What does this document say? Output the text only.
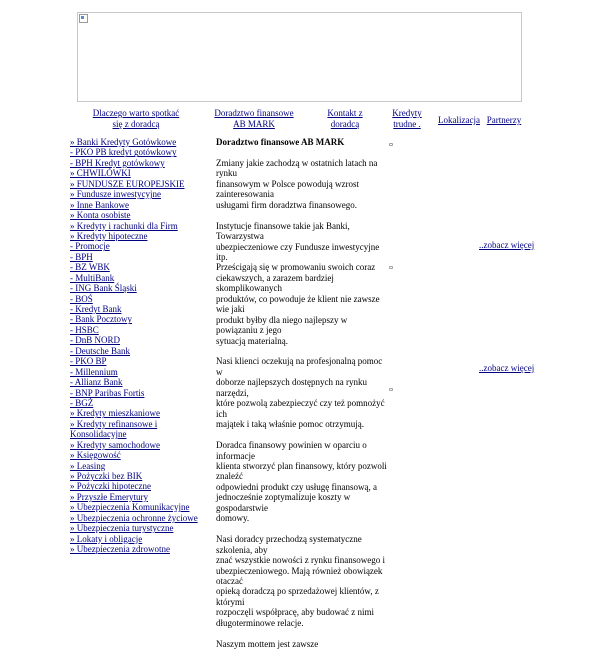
Dlaczego warto spotkać się z doradcą
Doradztwo finansowe AB MARK
Kontakt z doradcą
Kredyty trudne .	Lokalizacja Partnerzy
» Banki Kredyty Gotówkowe
- PKO PB kredyt gotówkowy
- BPH Kredyt gotówkowy
» CHWILÓWKI
» FUNDUSZE EUROPEJSKIE
» Fundusze inwestycyjne
» Inne Bankowe
» Konta osobiste
» Kredyty i rachunki dla Firm
» Kredyty hipoteczne
- Promocje
- BPH
- BZ WBK
- MultiBank
- ING Bank Śląski
- BOŚ
- Kredyt Bank
- Bank Pocztowy
- HSBC
- DnB NORD
- Deutsche Bank
- PKO BP
- Millennium
- Allianz Bank
- BNP Paribas Fortis
- BGŻ
» Kredyty mieszkaniowe
» Kredyty refinansowe i Konsolidacyjne
» Kredyty samochodowe
» Księgowość
» Leasing
» Pożyczki bez BIK
» Pożyczki hipoteczne
» Przyszłe Emerytury
» Ubezpieczenia Komunikacyjne
» Ubezpieczenia ochronne życiowe
» Ubezpieczenia turystyczne
» Lokaty i obligacje
» Ubezpieczenia zdrowotne
Doradztwo finansowe AB MARK

Zmiany jakie zachodzą w ostatnich latach na rynku
finansowym w Polsce powodują wzrost zainteresowania
usługami firm doradztwa finansowego.

Instytucje finansowe takie jak Banki, Towarzystwa
ubezpieczeniowe czy Fundusze inwestycyjne itp.
Prześcigają się w promowaniu swoich coraz
ciekawszych, a zarazem bardziej skomplikowanych
produktów, co powoduje że klient nie zawsze wie jaki
produkt byłby dla niego najlepszy w powiązaniu z jego
sytuacją materialną.

Nasi klienci oczekują na profesjonalną pomoc w
doborze najlepszych dostępnych na rynku narzędzi,
które pozwolą zabezpieczyć czy też pomnożyć ich
majątek i taką właśnie pomoc otrzymują.

Doradca finansowy powinien w oparciu o informacje
klienta stworzyć plan finansowy, który pozwoli znaleźć
odpowiedni produkt czy usługę finansową, a
jednocześnie zoptymalizuje koszty w gospodarstwie
domowy.

Nasi doradcy przechodzą systematyczne szkolenia, aby
znać wszystkie nowości z rynku finansowego i
ubezpieczeniowego. Mają również obowiązek otaczać
opieką doradczą po sprzedażowej klientów, z którymi
rozpoczęli współpracę, aby budować z nimi
długoterminowe relacje.

Naszym mottem jest zawsze

..zobacz więcej
..zobacz więcej
